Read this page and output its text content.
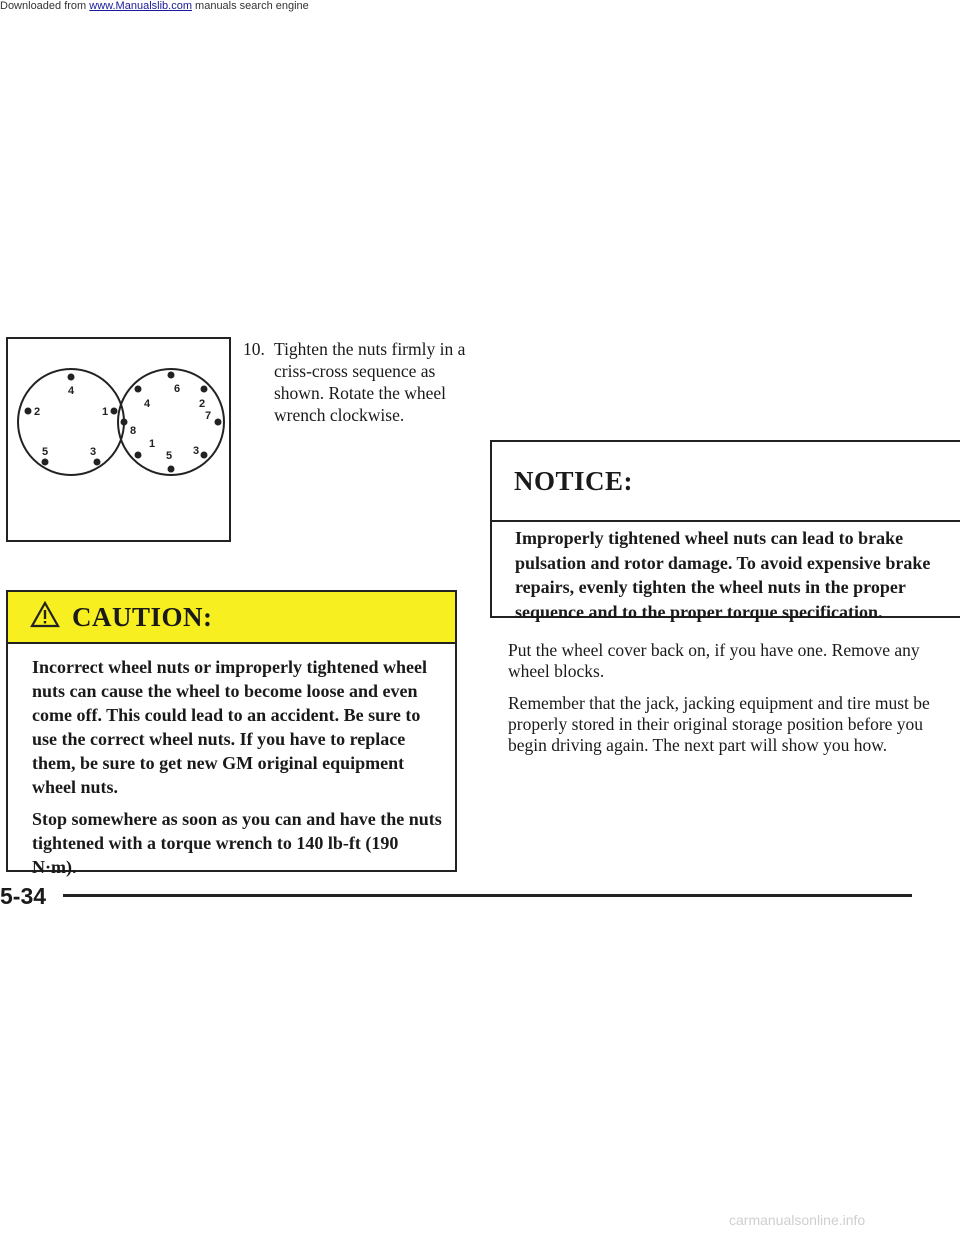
Downloaded from www.Manualslib.com manuals search engine
4
1
3
5
2
6
2
7
3
5
1
8
4
10. Tighten the nuts firmly in a criss-cross sequence as shown. Rotate the wheel wrench clockwise.
CAUTION:

Incorrect wheel nuts or improperly tightened wheel nuts can cause the wheel to become loose and even come off. This could lead to an accident. Be sure to use the correct wheel nuts. If you have to replace them, be sure to get new GM original equipment wheel nuts.

Stop somewhere as soon as you can and have the nuts tightened with a torque wrench to 140 lb-ft (190 N·m).

NOTICE:
Improperly tightened wheel nuts can lead to brake pulsation and rotor damage. To avoid expensive brake repairs, evenly tighten the wheel nuts in the proper sequence and to the proper torque specification.

Put the wheel cover back on, if you have one. Remove any wheel blocks.

Remember that the jack, jacking equipment and tire must be properly stored in their original storage position before you begin driving again. The next part will show you how.

5-34
carmanualsonline.info
